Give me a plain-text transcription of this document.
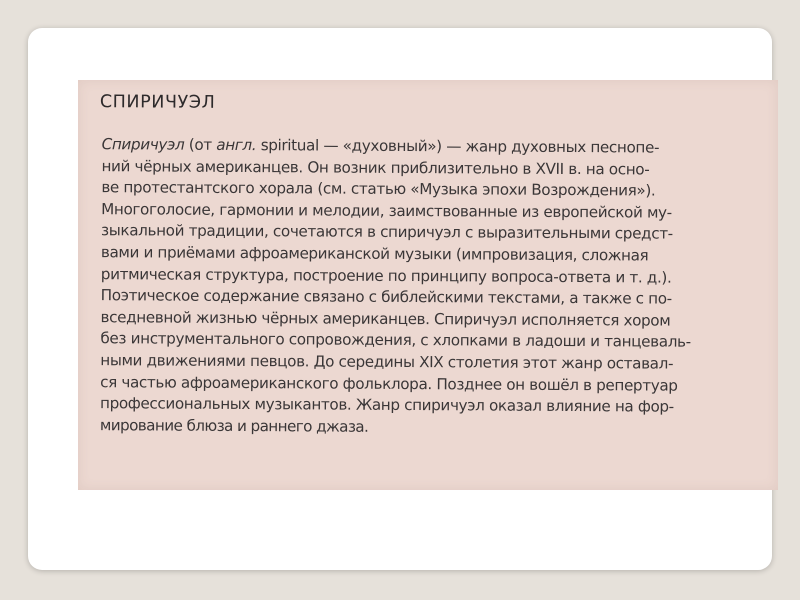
СПИРИЧУЭЛ
Спиричуэл (от англ. spiritual — «духовный») — жанр духовных песнопе-
ний чёрных американцев. Он возник приблизительно в XVII в. на осно-
ве протестантского хорала (см. статью «Музыка эпохи Возрождения»).
Многоголосие, гармонии и мелодии, заимствованные из европейской му-
зыкальной традиции, сочетаются в спиричуэл с выразительными средст-
вами и приёмами афроамериканской музыки (импровизация, сложная
ритмическая структура, построение по принципу вопроса-ответа и т. д.).
Поэтическое содержание связано с библейскими текстами, а также с по-
вседневной жизнью чёрных американцев. Спиричуэл исполняется хором
без инструментального сопровождения, с хлопками в ладоши и танцеваль-
ными движениями певцов. До середины XIX столетия этот жанр оставал-
ся частью афроамериканского фольклора. Позднее он вошёл в репертуар
профессиональных музыкантов. Жанр спиричуэл оказал влияние на фор-
мирование блюза и раннего джаза.
